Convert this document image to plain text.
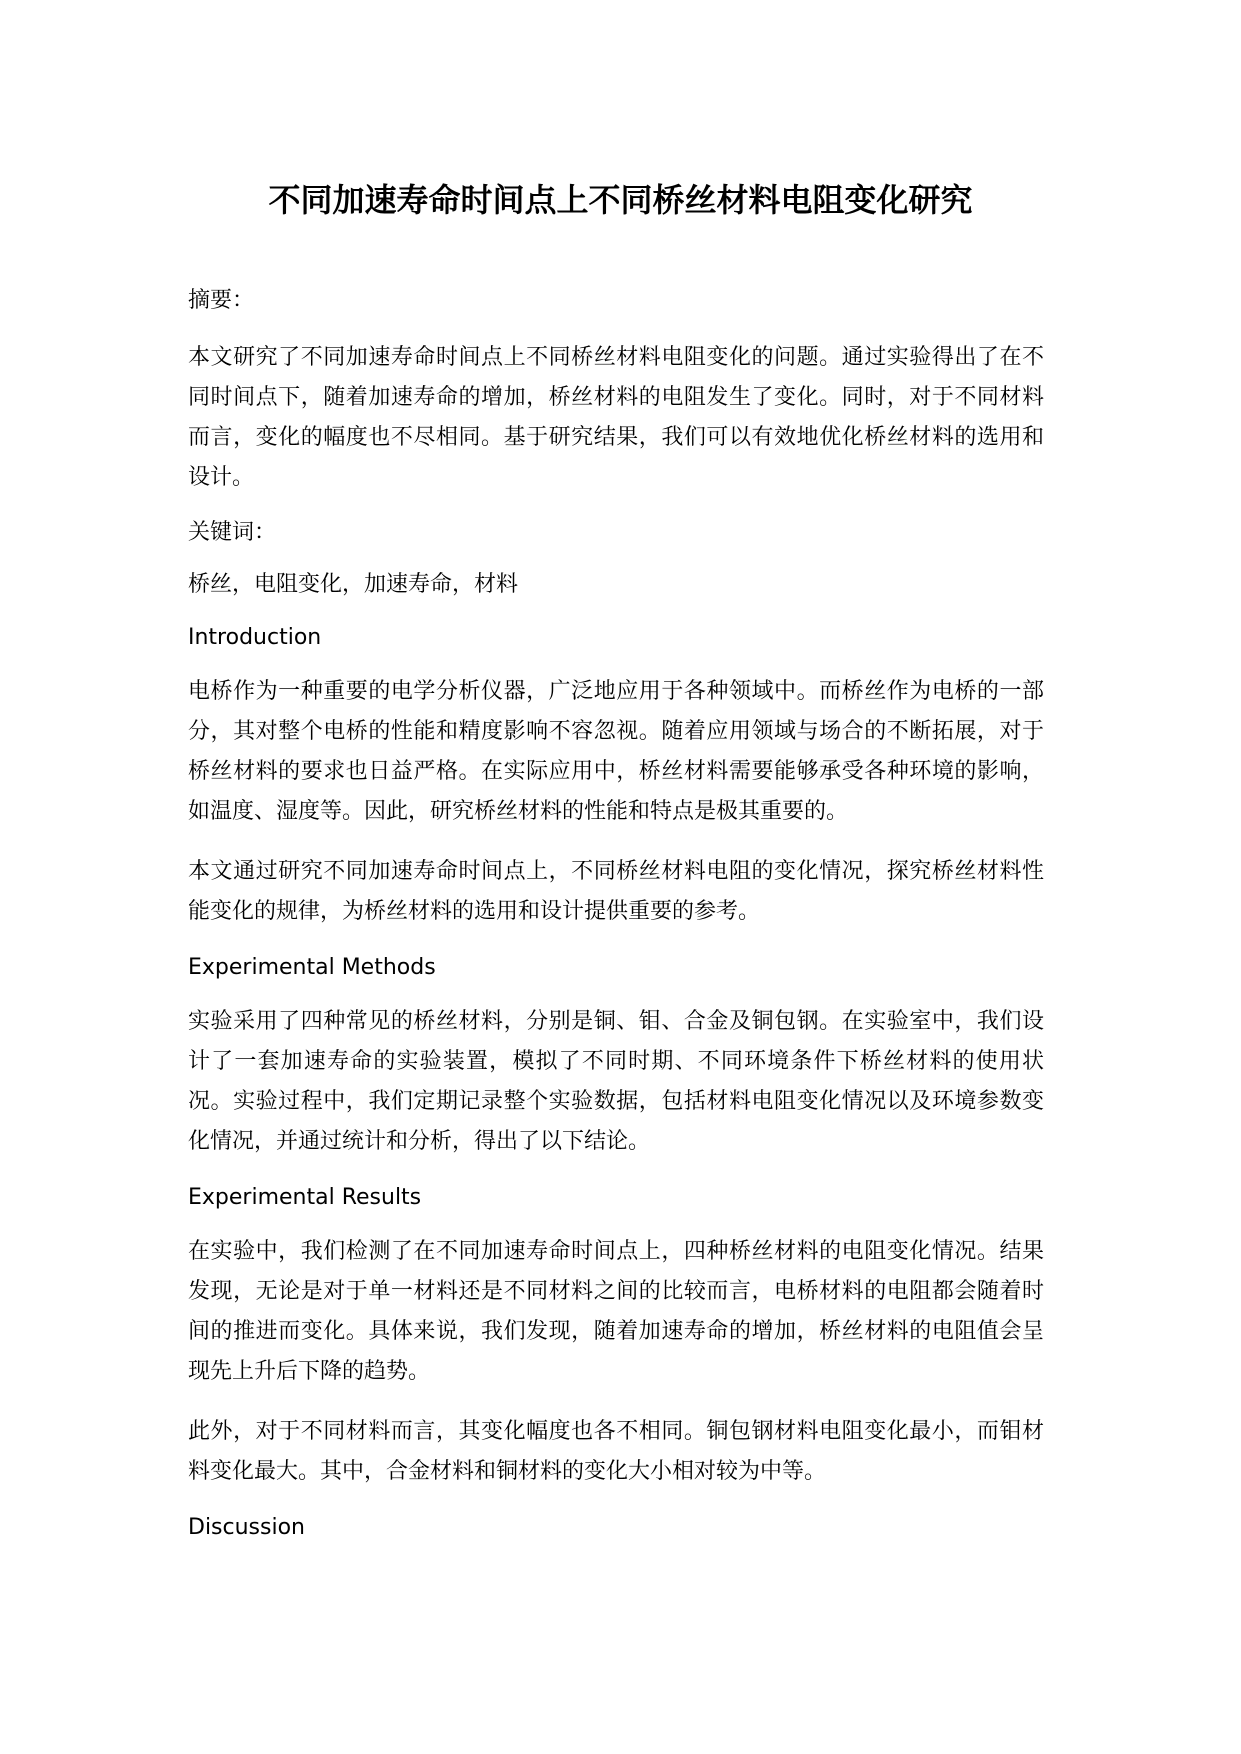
不同加速寿命时间点上不同桥丝材料电阻变化研究

摘要：

本文研究了不同加速寿命时间点上不同桥丝材料电阻变化的问题。通过实验得出了在不同时间点下，随着加速寿命的增加，桥丝材料的电阻发生了变化。同时，对于不同材料而言，变化的幅度也不尽相同。基于研究结果，我们可以有效地优化桥丝材料的选用和设计。

关键词：

桥丝，电阻变化，加速寿命，材料

Introduction

电桥作为一种重要的电学分析仪器，广泛地应用于各种领域中。而桥丝作为电桥的一部分，其对整个电桥的性能和精度影响不容忽视。随着应用领域与场合的不断拓展，对于桥丝材料的要求也日益严格。在实际应用中，桥丝材料需要能够承受各种环境的影响，如温度、湿度等。因此，研究桥丝材料的性能和特点是极其重要的。

本文通过研究不同加速寿命时间点上，不同桥丝材料电阻的变化情况，探究桥丝材料性能变化的规律，为桥丝材料的选用和设计提供重要的参考。

Experimental Methods

实验采用了四种常见的桥丝材料，分别是铜、钼、合金及铜包钢。在实验室中，我们设计了一套加速寿命的实验装置，模拟了不同时期、不同环境条件下桥丝材料的使用状况。实验过程中，我们定期记录整个实验数据，包括材料电阻变化情况以及环境参数变化情况，并通过统计和分析，得出了以下结论。

Experimental Results

在实验中，我们检测了在不同加速寿命时间点上，四种桥丝材料的电阻变化情况。结果发现，无论是对于单一材料还是不同材料之间的比较而言，电桥材料的电阻都会随着时间的推进而变化。具体来说，我们发现，随着加速寿命的增加，桥丝材料的电阻值会呈现先上升后下降的趋势。

此外，对于不同材料而言，其变化幅度也各不相同。铜包钢材料电阻变化最小，而钼材料变化最大。其中，合金材料和铜材料的变化大小相对较为中等。

Discussion
